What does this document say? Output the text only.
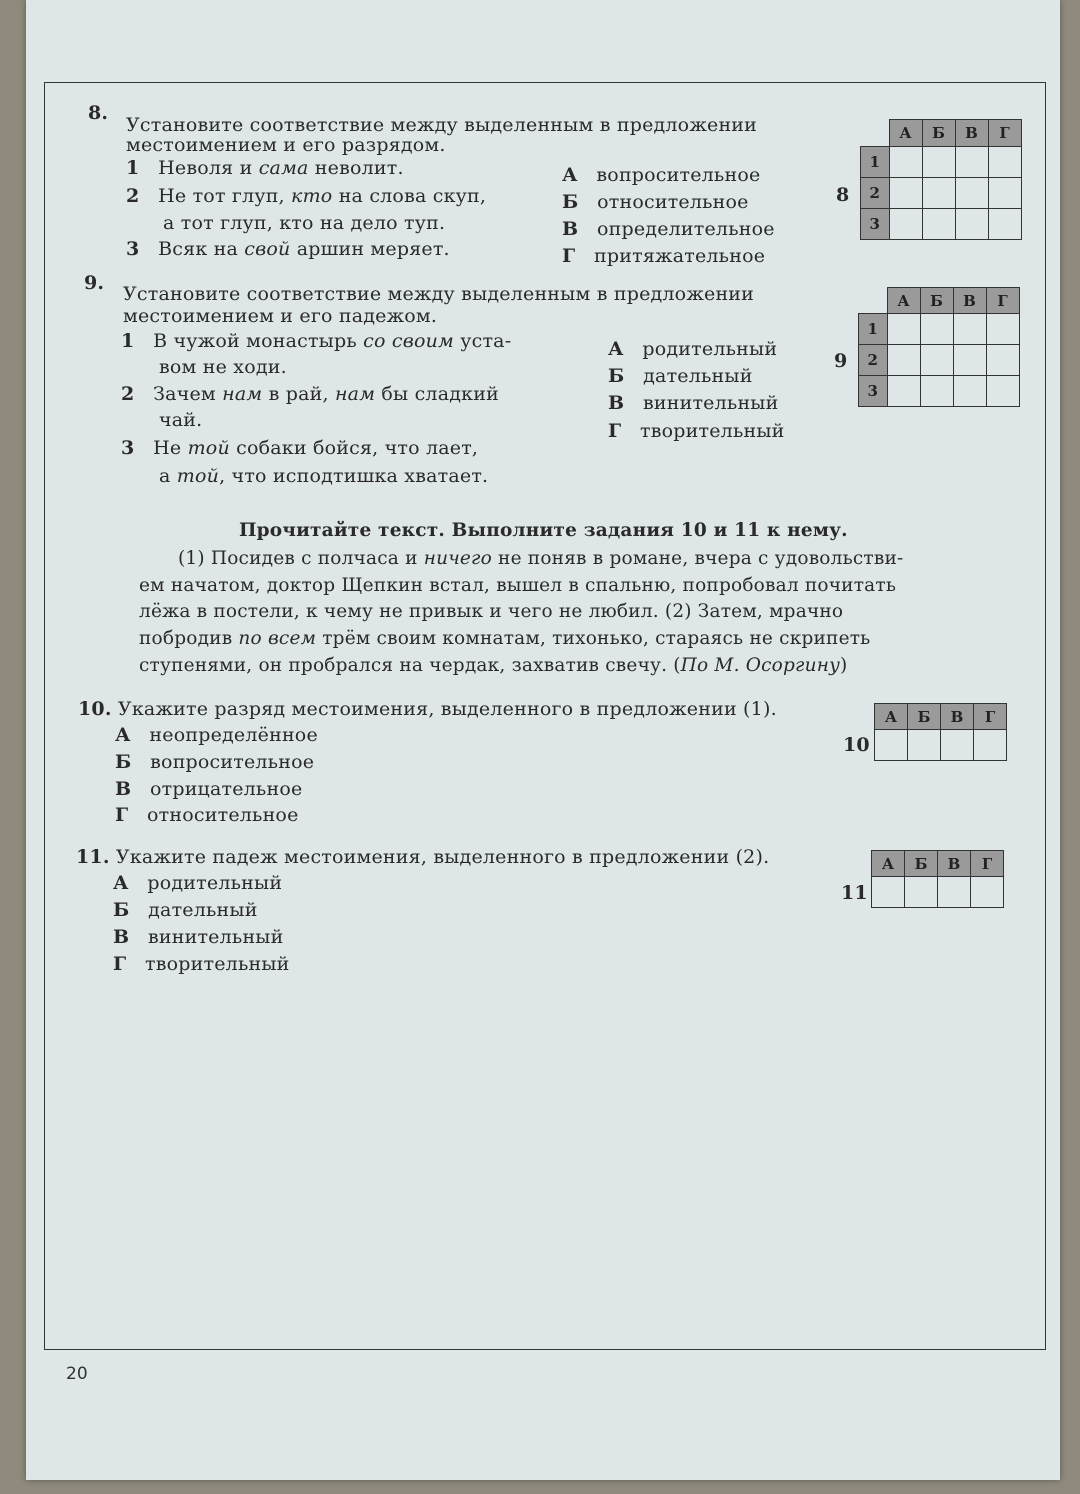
8.
Установите соответствие между выделенным в предложении
местоимением и его разрядом.
1 Неволя и сама неволит.
2 Не тот глуп, кто на слова скуп,
а тот глуп, кто на дело туп.
3 Всяк на свой аршин меряет.
А вопросительное
Б относительное
В определительное
Г притяжательное
8
	А	Б	В	Г
1				
2				
3				
9. Установите соответствие между выделенным в предложении
местоимением и его падежом.
1 В чужой монастырь со своим уста-
вом не ходи.
2 Зачем нам в рай, нам бы сладкий
чай.
3 Не той собаки бойся, что лает,
а той, что исподтишка хватает.
А родительный
Б дательный
В винительный
Г творительный
9
	А	Б	В	Г
1				
2				
3				
Прочитайте текст. Выполните задания 10 и 11 к нему.
(1) Посидев с полчаса и ничего не поняв в романе, вчера с удовольстви-
ем начатом, доктор Щепкин встал, вышел в спальню, попробовал почитать
лёжа в постели, к чему не привык и чего не любил. (2) Затем, мрачно
побродив по всем трём своим комнатам, тихонько, стараясь не скрипеть
ступенями, он пробрался на чердак, захватив свечу. (По М. Осоргину)
10. Укажите разряд местоимения, выделенного в предложении (1).
А неопределённое
Б вопросительное
В отрицательное
Г относительное
10
А	Б	В	Г

11. Укажите падеж местоимения, выделенного в предложении (2).
А родительный
Б дательный
В винительный
Г творительный
11
А	Б	В	Г

20
